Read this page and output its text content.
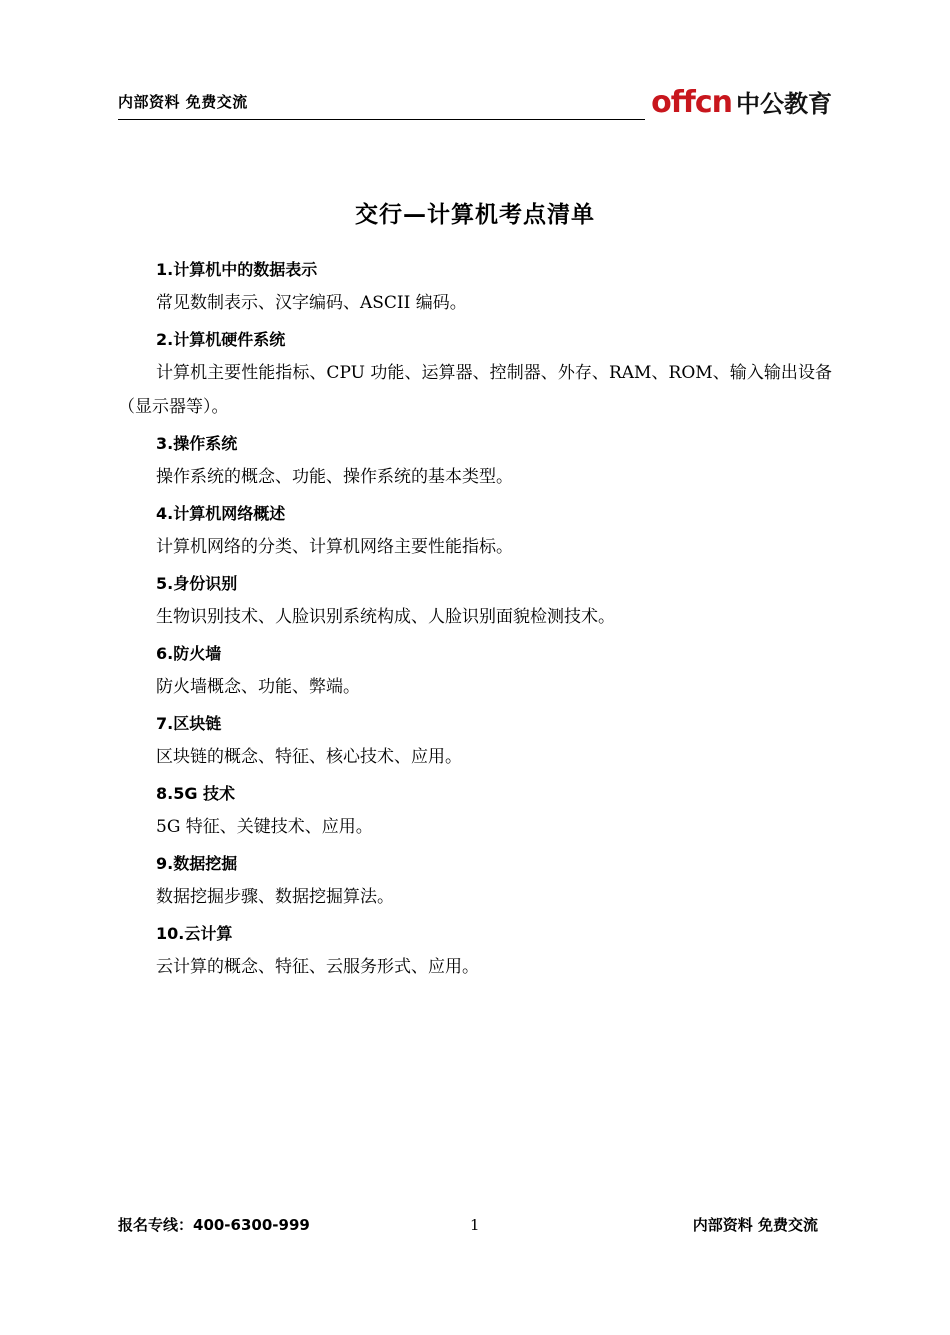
内部资料 免费交流	offcn 中公教育
交行—计算机考点清单
1.计算机中的数据表示
常见数制表示、汉字编码、ASCII 编码。
2.计算机硬件系统
计算机主要性能指标、CPU 功能、运算器、控制器、外存、RAM、ROM、输入输出设备（显示器等）。
3.操作系统
操作系统的概念、功能、操作系统的基本类型。
4.计算机网络概述
计算机网络的分类、计算机网络主要性能指标。
5.身份识别
生物识别技术、人脸识别系统构成、人脸识别面貌检测技术。
6.防火墙
防火墙概念、功能、弊端。
7.区块链
区块链的概念、特征、核心技术、应用。
8.5G 技术
5G 特征、关键技术、应用。
9.数据挖掘
数据挖掘步骤、数据挖掘算法。
10.云计算
云计算的概念、特征、云服务形式、应用。
报名专线：400-6300-999	1	内部资料 免费交流
